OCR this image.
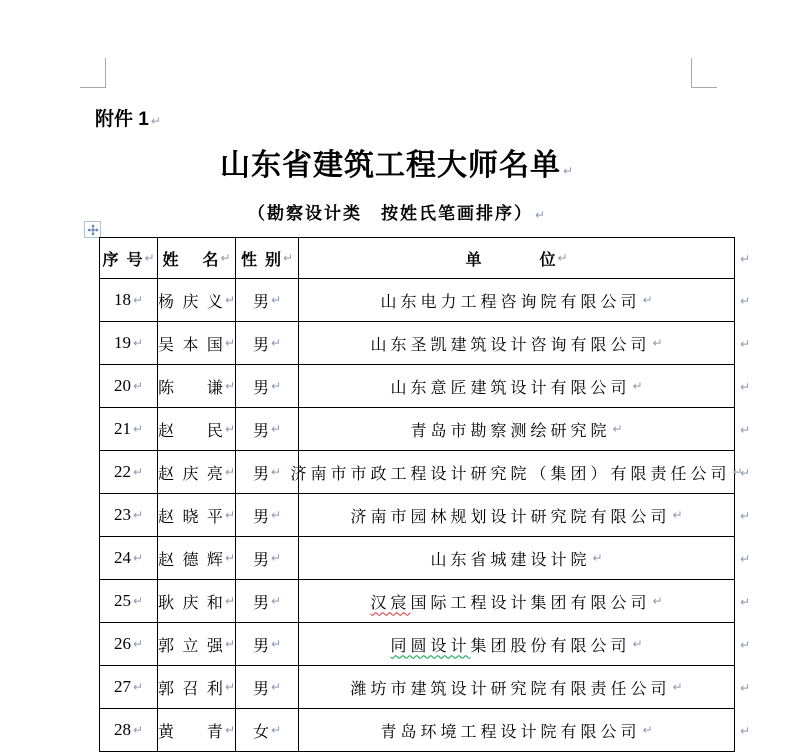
附件 1 ↵
山东省建筑工程大师名单 ↵
（勘察设计类　按姓氏笔画排序） ↵
序号 ↵ 姓名 ↵ 性别 ↵	单位 ↵	↵
18 ↵ 杨庆义 ↵ 男 ↵	山东电力工程咨询院有限公司 ↵	↵
19 ↵ 吴本国 ↵ 男 ↵	山东圣凯建筑设计咨询有限公司 ↵	↵
20 ↵ 陈谦 ↵ 男 ↵	山东意匠建筑设计有限公司 ↵	↵
21 ↵ 赵民 ↵ 男 ↵	青岛市勘察测绘研究院 ↵	↵
22 ↵ 赵庆亮 ↵ 男 ↵ 济南市市政工程设计研究院（集团）有限责任公司 ↵
↵
23 ↵ 赵晓平 ↵ 男 ↵	济南市园林规划设计研究院有限公司 ↵	↵
24 ↵ 赵德辉 ↵ 男 ↵	山东省城建设计院 ↵	↵
25 ↵ 耿庆和 ↵ 男 ↵	汉宸国际工程设计集团有限公司 ↵	↵
26 ↵ 郭立强 ↵ 男 ↵	同圆设计集团股份有限公司 ↵	↵
27 ↵ 郭召利 ↵ 男 ↵	潍坊市建筑设计研究院有限责任公司 ↵	↵
28 ↵ 黄青 ↵ 女 ↵	青岛环境工程设计院有限公司 ↵	↵
